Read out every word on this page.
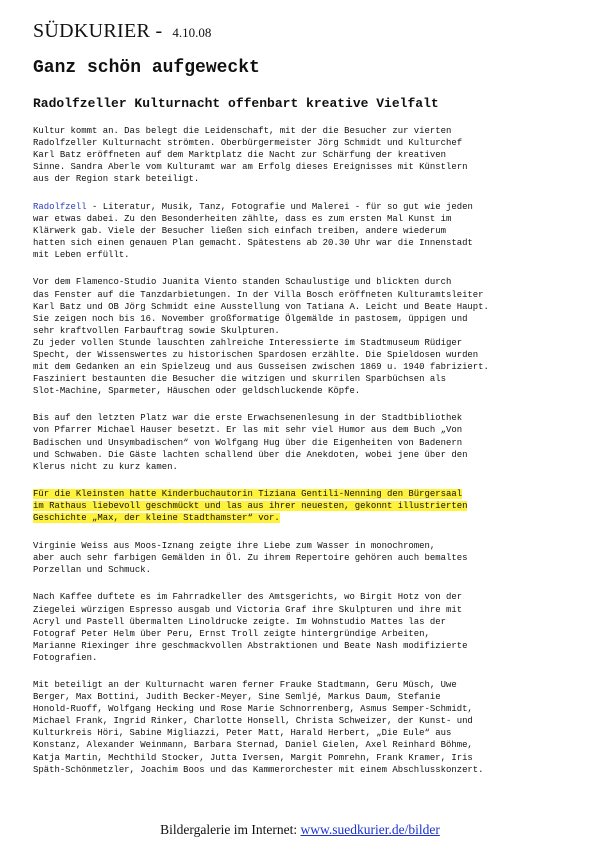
SÜDKURIER - 4.10.08
Ganz schön aufgeweckt
Radolfzeller Kulturnacht offenbart kreative Vielfalt

Kultur kommt an. Das belegt die Leidenschaft, mit der die Besucher zur vierten
Radolfzeller Kulturnacht strömten. Oberbürgermeister Jörg Schmidt und Kulturchef
Karl Batz eröffneten auf dem Marktplatz die Nacht zur Schärfung der kreativen
Sinne. Sandra Aberle vom Kulturamt war am Erfolg dieses Ereignisses mit Künstlern
aus der Region stark beteiligt.

Radolfzell - Literatur, Musik, Tanz, Fotografie und Malerei - für so gut wie jeden
war etwas dabei. Zu den Besonderheiten zählte, dass es zum ersten Mal Kunst im
Klärwerk gab. Viele der Besucher ließen sich einfach treiben, andere wiederum
hatten sich einen genauen Plan gemacht. Spätestens ab 20.30 Uhr war die Innenstadt
mit Leben erfüllt.

Vor dem Flamenco-Studio Juanita Viento standen Schaulustige und blickten durch
das Fenster auf die Tanzdarbietungen. In der Villa Bosch eröffneten Kulturamtsleiter
Karl Batz und OB Jörg Schmidt eine Ausstellung von Tatiana A. Leicht und Beate Haupt.
Sie zeigen noch bis 16. November großformatige Ölgemälde in pastosem, üppigen und
sehr kraftvollen Farbauftrag sowie Skulpturen.
Zu jeder vollen Stunde lauschten zahlreiche Interessierte im Stadtmuseum Rüdiger
Specht, der Wissenswertes zu historischen Spardosen erzählte. Die Spieldosen wurden
mit dem Gedanken an ein Spielzeug und aus Gusseisen zwischen 1869 u. 1940 fabriziert.
Fasziniert bestaunten die Besucher die witzigen und skurrilen Sparbüchsen als
Slot-Machine, Sparmeter, Häuschen oder geldschluckende Köpfe.

Bis auf den letzten Platz war die erste Erwachsenenlesung in der Stadtbibliothek
von Pfarrer Michael Hauser besetzt. Er las mit sehr viel Humor aus dem Buch „Von
Badischen und Unsymbadischen“ von Wolfgang Hug über die Eigenheiten von Badenern
und Schwaben. Die Gäste lachten schallend über die Anekdoten, wobei jene über den
Klerus nicht zu kurz kamen.

Für die Kleinsten hatte Kinderbuchautorin Tiziana Gentili-Nenning den Bürgersaal
im Rathaus liebevoll geschmückt und las aus ihrer neuesten, gekonnt illustrierten
Geschichte „Max, der kleine Stadthamster“ vor.

Virginie Weiss aus Moos-Iznang zeigte ihre Liebe zum Wasser in monochromen,
aber auch sehr farbigen Gemälden in Öl. Zu ihrem Repertoire gehören auch bemaltes
Porzellan und Schmuck.

Nach Kaffee duftete es im Fahrradkeller des Amtsgerichts, wo Birgit Hotz von der
Ziegelei würzigen Espresso ausgab und Victoria Graf ihre Skulpturen und ihre mit
Acryl und Pastell übermalten Linoldrucke zeigte. Im Wohnstudio Mattes las der
Fotograf Peter Helm über Peru, Ernst Troll zeigte hintergründige Arbeiten,
Marianne Riexinger ihre geschmackvollen Abstraktionen und Beate Nash modifizierte
Fotografien.

Mit beteiligt an der Kulturnacht waren ferner Frauke Stadtmann, Geru Müsch, Uwe
Berger, Max Bottini, Judith Becker-Meyer, Sine Semljé, Markus Daum, Stefanie
Honold-Ruoff, Wolfgang Hecking und Rose Marie Schnorrenberg, Asmus Semper-Schmidt,
Michael Frank, Ingrid Rinker, Charlotte Honsell, Christa Schweizer, der Kunst- und
Kulturkreis Höri, Sabine Migliazzi, Peter Matt, Harald Herbert, „Die Eule“ aus
Konstanz, Alexander Weinmann, Barbara Sternad, Daniel Gielen, Axel Reinhard Böhme,
Katja Martin, Mechthild Stocker, Jutta Iversen, Margit Pomrehn, Frank Kramer, Iris
Späth-Schönmetzler, Joachim Boos und das Kammerorchester mit einem Abschlusskonzert.

Bildergalerie im Internet: www.suedkurier.de/bilder
